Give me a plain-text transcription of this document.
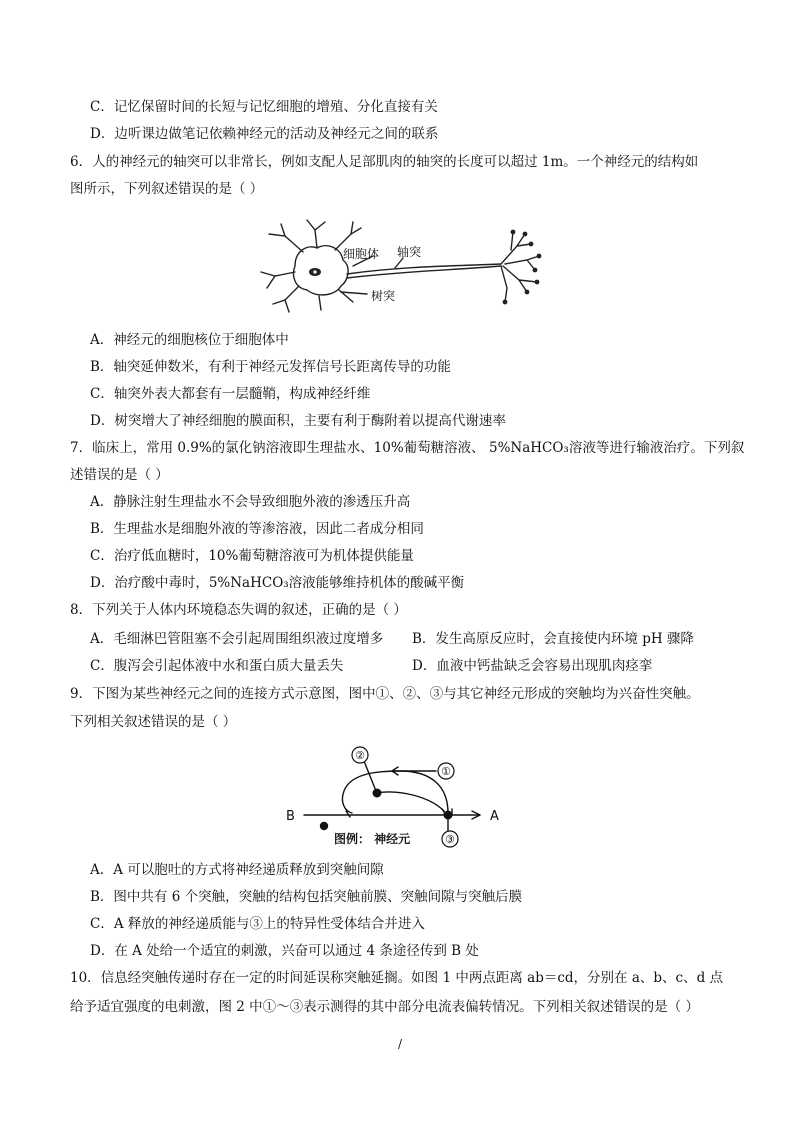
C．记忆保留时间的长短与记忆细胞的增殖、分化直接有关
D．边听课边做笔记依赖神经元的活动及神经元之间的联系
6．人的神经元的轴突可以非常长，例如支配人足部肌肉的轴突的长度可以超过 1m。一个神经元的结构如
图所示，下列叙述错误的是（ ）
细胞体 轴突
树突
A．神经元的细胞核位于细胞体中
B．轴突延伸数米，有利于神经元发挥信号长距离传导的功能
C．轴突外表大都套有一层髓鞘，构成神经纤维
D．树突增大了神经细胞的膜面积，主要有利于酶附着以提高代谢速率
7．临床上，常用 0.9%的氯化钠溶液即生理盐水、10%葡萄糖溶液、 5%NaHCO₃溶液等进行输液治疗。下列叙
述错误的是（ ）
A．静脉注射生理盐水不会导致细胞外液的渗透压升高
B．生理盐水是细胞外液的等渗溶液，因此二者成分相同
C．治疗低血糖时，10%葡萄糖溶液可为机体提供能量
D．治疗酸中毒时，5%NaHCO₃溶液能够维持机体的酸碱平衡
8．下列关于人体内环境稳态失调的叙述，正确的是（ ）
A．毛细淋巴管阻塞不会引起周围组织液过度增多 B．发生高原反应时，会直接使内环境 pH 骤降
C．腹泻会引起体液中水和蛋白质大量丢失	D．血液中钙盐缺乏会容易出现肌肉痉挛
9．下图为某些神经元之间的连接方式示意图，图中①、②、③与其它神经元形成的突触均为兴奋性突触。
下列相关叙述错误的是（ ）
①
②
③
B	A
图例： 神经元
A．A 可以胞吐的方式将神经递质释放到突触间隙
B．图中共有 6 个突触，突触的结构包括突触前膜、突触间隙与突触后膜
C．A 释放的神经递质能与③上的特异性受体结合并进入
D．在 A 处给一个适宜的刺激，兴奋可以通过 4 条途径传到 B 处
10．信息经突触传递时存在一定的时间延误称突触延搁。如图 1 中两点距离 ab＝cd，分别在 a、b、c、d 点
给予适宜强度的电刺激，图 2 中①～③表示测得的其中部分电流表偏转情况。下列相关叙述错误的是（ ）
/
